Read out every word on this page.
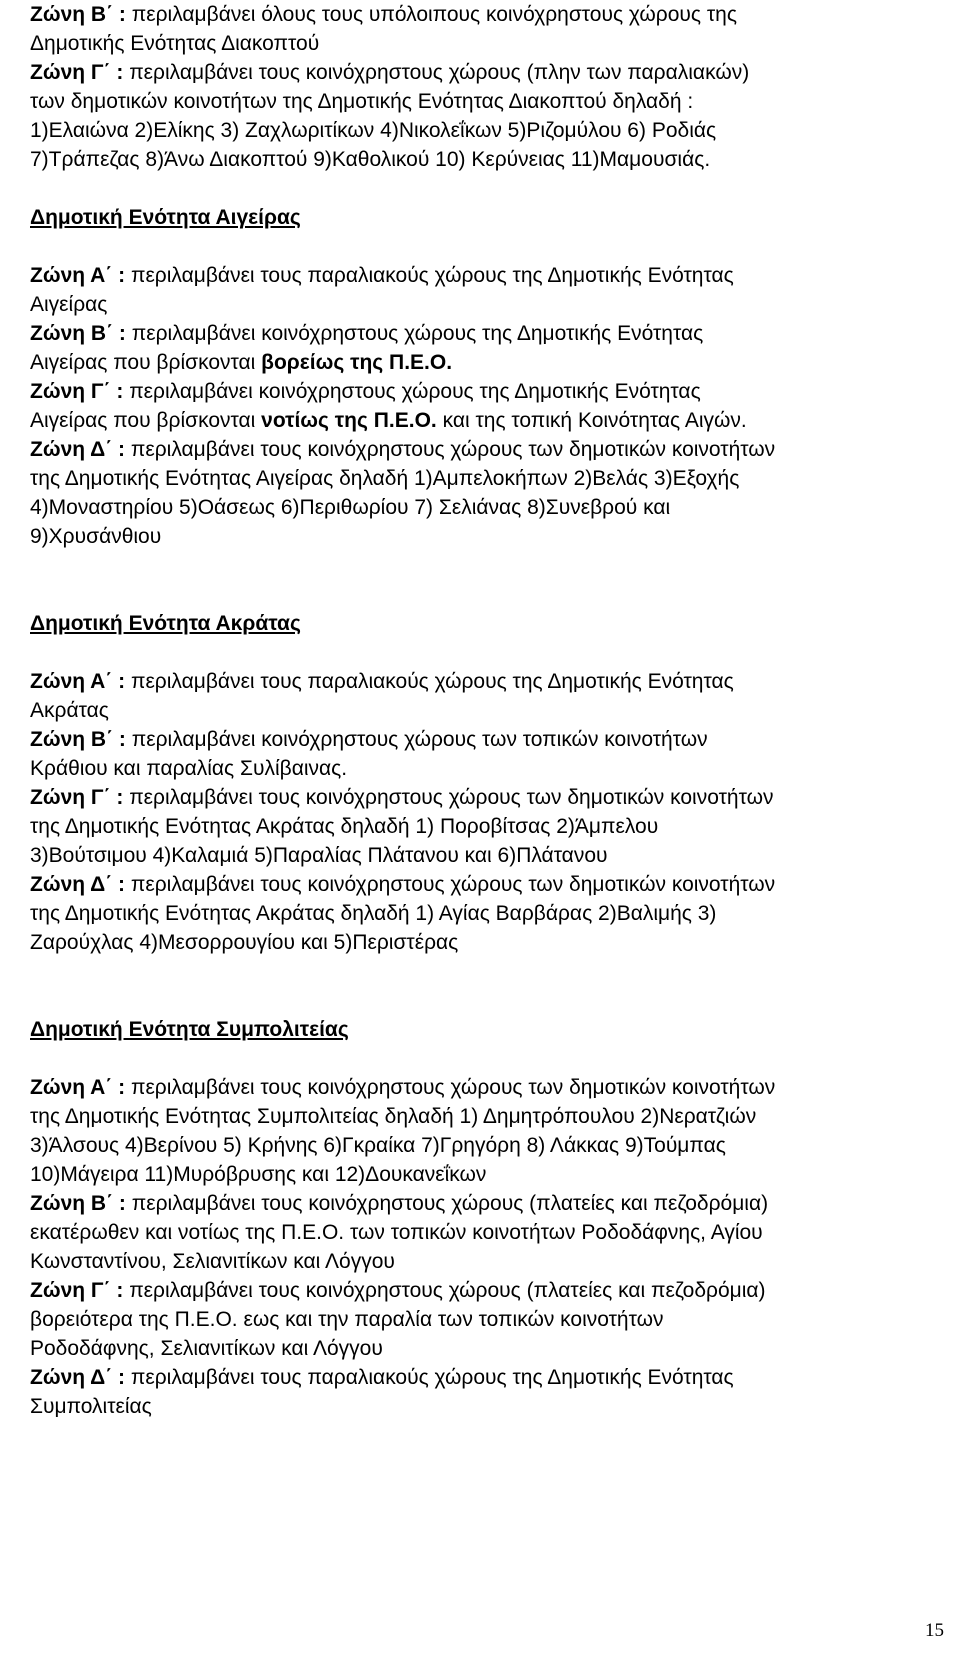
Ζώνη Β΄ : περιλαμβάνει όλους τους υπόλοιπους κοινόχρηστους χώρους της
Δημοτικής Ενότητας Διακοπτού
Ζώνη Γ΄ : περιλαμβάνει τους κοινόχρηστους χώρους (πλην των παραλιακών)
των δημοτικών κοινοτήτων της Δημοτικής Ενότητας Διακοπτού δηλαδή :
1)Ελαιώνα 2)Ελίκης 3) Ζαχλωριτίκων 4)Νικολεΐκων 5)Ριζομύλου 6) Ροδιάς
7)Τράπεζας 8)Άνω Διακοπτού 9)Καθολικού 10) Κερύνειας 11)Μαμουσιάς.
Δημοτική Ενότητα Αιγείρας
Ζώνη Α΄ : περιλαμβάνει τους παραλιακούς χώρους της Δημοτικής Ενότητας
Αιγείρας
Ζώνη Β΄ : περιλαμβάνει κοινόχρηστους χώρους της Δημοτικής Ενότητας
Αιγείρας που βρίσκονται βορείως της Π.Ε.Ο.
Ζώνη Γ΄ : περιλαμβάνει κοινόχρηστους χώρους της Δημοτικής Ενότητας
Αιγείρας που βρίσκονται νοτίως της Π.Ε.Ο. και της τοπική Κοινότητας Αιγών.
Ζώνη Δ΄ : περιλαμβάνει τους κοινόχρηστους χώρους των δημοτικών κοινοτήτων
της Δημοτικής Ενότητας Αιγείρας δηλαδή 1)Αμπελοκήπων 2)Βελάς 3)Εξοχής
4)Μοναστηρίου 5)Οάσεως 6)Περιθωρίου 7) Σελιάνας 8)Συνεβρού και
9)Χρυσάνθιου
Δημοτική Ενότητα Ακράτας
Ζώνη Α΄ : περιλαμβάνει τους παραλιακούς χώρους της Δημοτικής Ενότητας
Ακράτας
Ζώνη Β΄ : περιλαμβάνει κοινόχρηστους χώρους των τοπικών κοινοτήτων
Κράθιου και παραλίας Συλίβαινας.
Ζώνη Γ΄ : περιλαμβάνει τους κοινόχρηστους χώρους των δημοτικών κοινοτήτων
της Δημοτικής Ενότητας Ακράτας δηλαδή 1) Ποροβίτσας 2)Άμπελου
3)Βούτσιμου 4)Καλαμιά 5)Παραλίας Πλάτανου και 6)Πλάτανου
Ζώνη Δ΄ : περιλαμβάνει τους κοινόχρηστους χώρους των δημοτικών κοινοτήτων
της Δημοτικής Ενότητας Ακράτας δηλαδή 1) Αγίας Βαρβάρας 2)Βαλιμής 3)
Ζαρούχλας 4)Μεσορρουγίου και 5)Περιστέρας
Δημοτική Ενότητα Συμπολιτείας
Ζώνη Α΄ : περιλαμβάνει τους κοινόχρηστους χώρους των δημοτικών κοινοτήτων
της Δημοτικής Ενότητας Συμπολιτείας δηλαδή 1) Δημητρόπουλου 2)Νερατζιών
3)Άλσους 4)Βερίνου 5) Κρήνης 6)Γκραίκα 7)Γρηγόρη 8) Λάκκας 9)Τούμπας
10)Μάγειρα 11)Μυρόβρυσης και 12)Δουκανεΐκων
Ζώνη Β΄ : περιλαμβάνει τους κοινόχρηστους χώρους (πλατείες και πεζοδρόμια)
εκατέρωθεν και νοτίως της Π.Ε.Ο. των τοπικών κοινοτήτων Ροδοδάφνης, Αγίου
Κωνσταντίνου, Σελιανιτίκων και Λόγγου
Ζώνη Γ΄ : περιλαμβάνει τους κοινόχρηστους χώρους (πλατείες και πεζοδρόμια)
βορειότερα της Π.Ε.Ο. εως και την παραλία των τοπικών κοινοτήτων
Ροδοδάφνης, Σελιανιτίκων και Λόγγου
Ζώνη Δ΄ : περιλαμβάνει τους παραλιακούς χώρους της Δημοτικής Ενότητας
Συμπολιτείας
15
